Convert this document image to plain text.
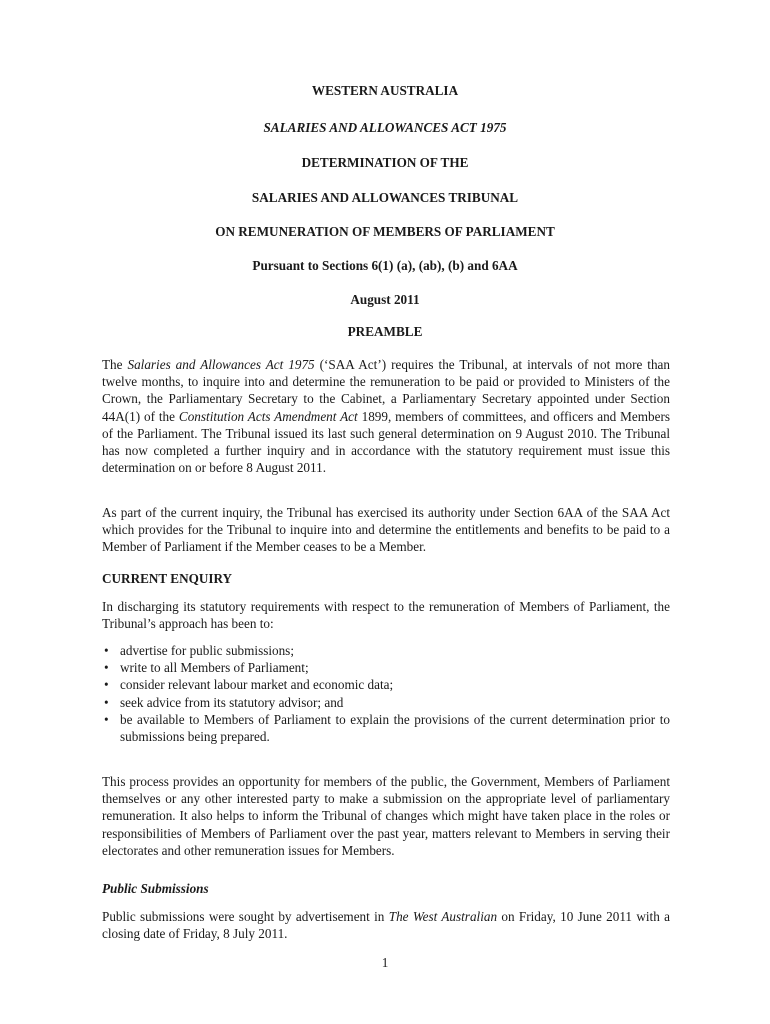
WESTERN AUSTRALIA
SALARIES AND ALLOWANCES ACT 1975
DETERMINATION OF THE
SALARIES AND ALLOWANCES TRIBUNAL
ON REMUNERATION OF MEMBERS OF PARLIAMENT
Pursuant to Sections 6(1) (a), (ab), (b) and 6AA
August 2011
PREAMBLE
The Salaries and Allowances Act 1975 (‘SAA Act’) requires the Tribunal, at intervals of not more than twelve months, to inquire into and determine the remuneration to be paid or provided to Ministers of the Crown, the Parliamentary Secretary to the Cabinet, a Parliamentary Secretary appointed under Section 44A(1) of the Constitution Acts Amendment Act 1899, members of committees, and officers and Members of the Parliament. The Tribunal issued its last such general determination on 9 August 2010. The Tribunal has now completed a further inquiry and in accordance with the statutory requirement must issue this determination on or before 8 August 2011.
As part of the current inquiry, the Tribunal has exercised its authority under Section 6AA of the SAA Act which provides for the Tribunal to inquire into and determine the entitlements and benefits to be paid to a Member of Parliament if the Member ceases to be a Member.
CURRENT ENQUIRY
In discharging its statutory requirements with respect to the remuneration of Members of Parliament, the Tribunal’s approach has been to:
• advertise for public submissions;
• write to all Members of Parliament;
• consider relevant labour market and economic data;
• seek advice from its statutory advisor; and
• be available to Members of Parliament to explain the provisions of the current determination prior to submissions being prepared.
This process provides an opportunity for members of the public, the Government, Members of Parliament themselves or any other interested party to make a submission on the appropriate level of parliamentary remuneration. It also helps to inform the Tribunal of changes which might have taken place in the roles or responsibilities of Members of Parliament over the past year, matters relevant to Members in serving their electorates and other remuneration issues for Members.
Public Submissions
Public submissions were sought by advertisement in The West Australian on Friday, 10 June 2011 with a closing date of Friday, 8 July 2011.
1
